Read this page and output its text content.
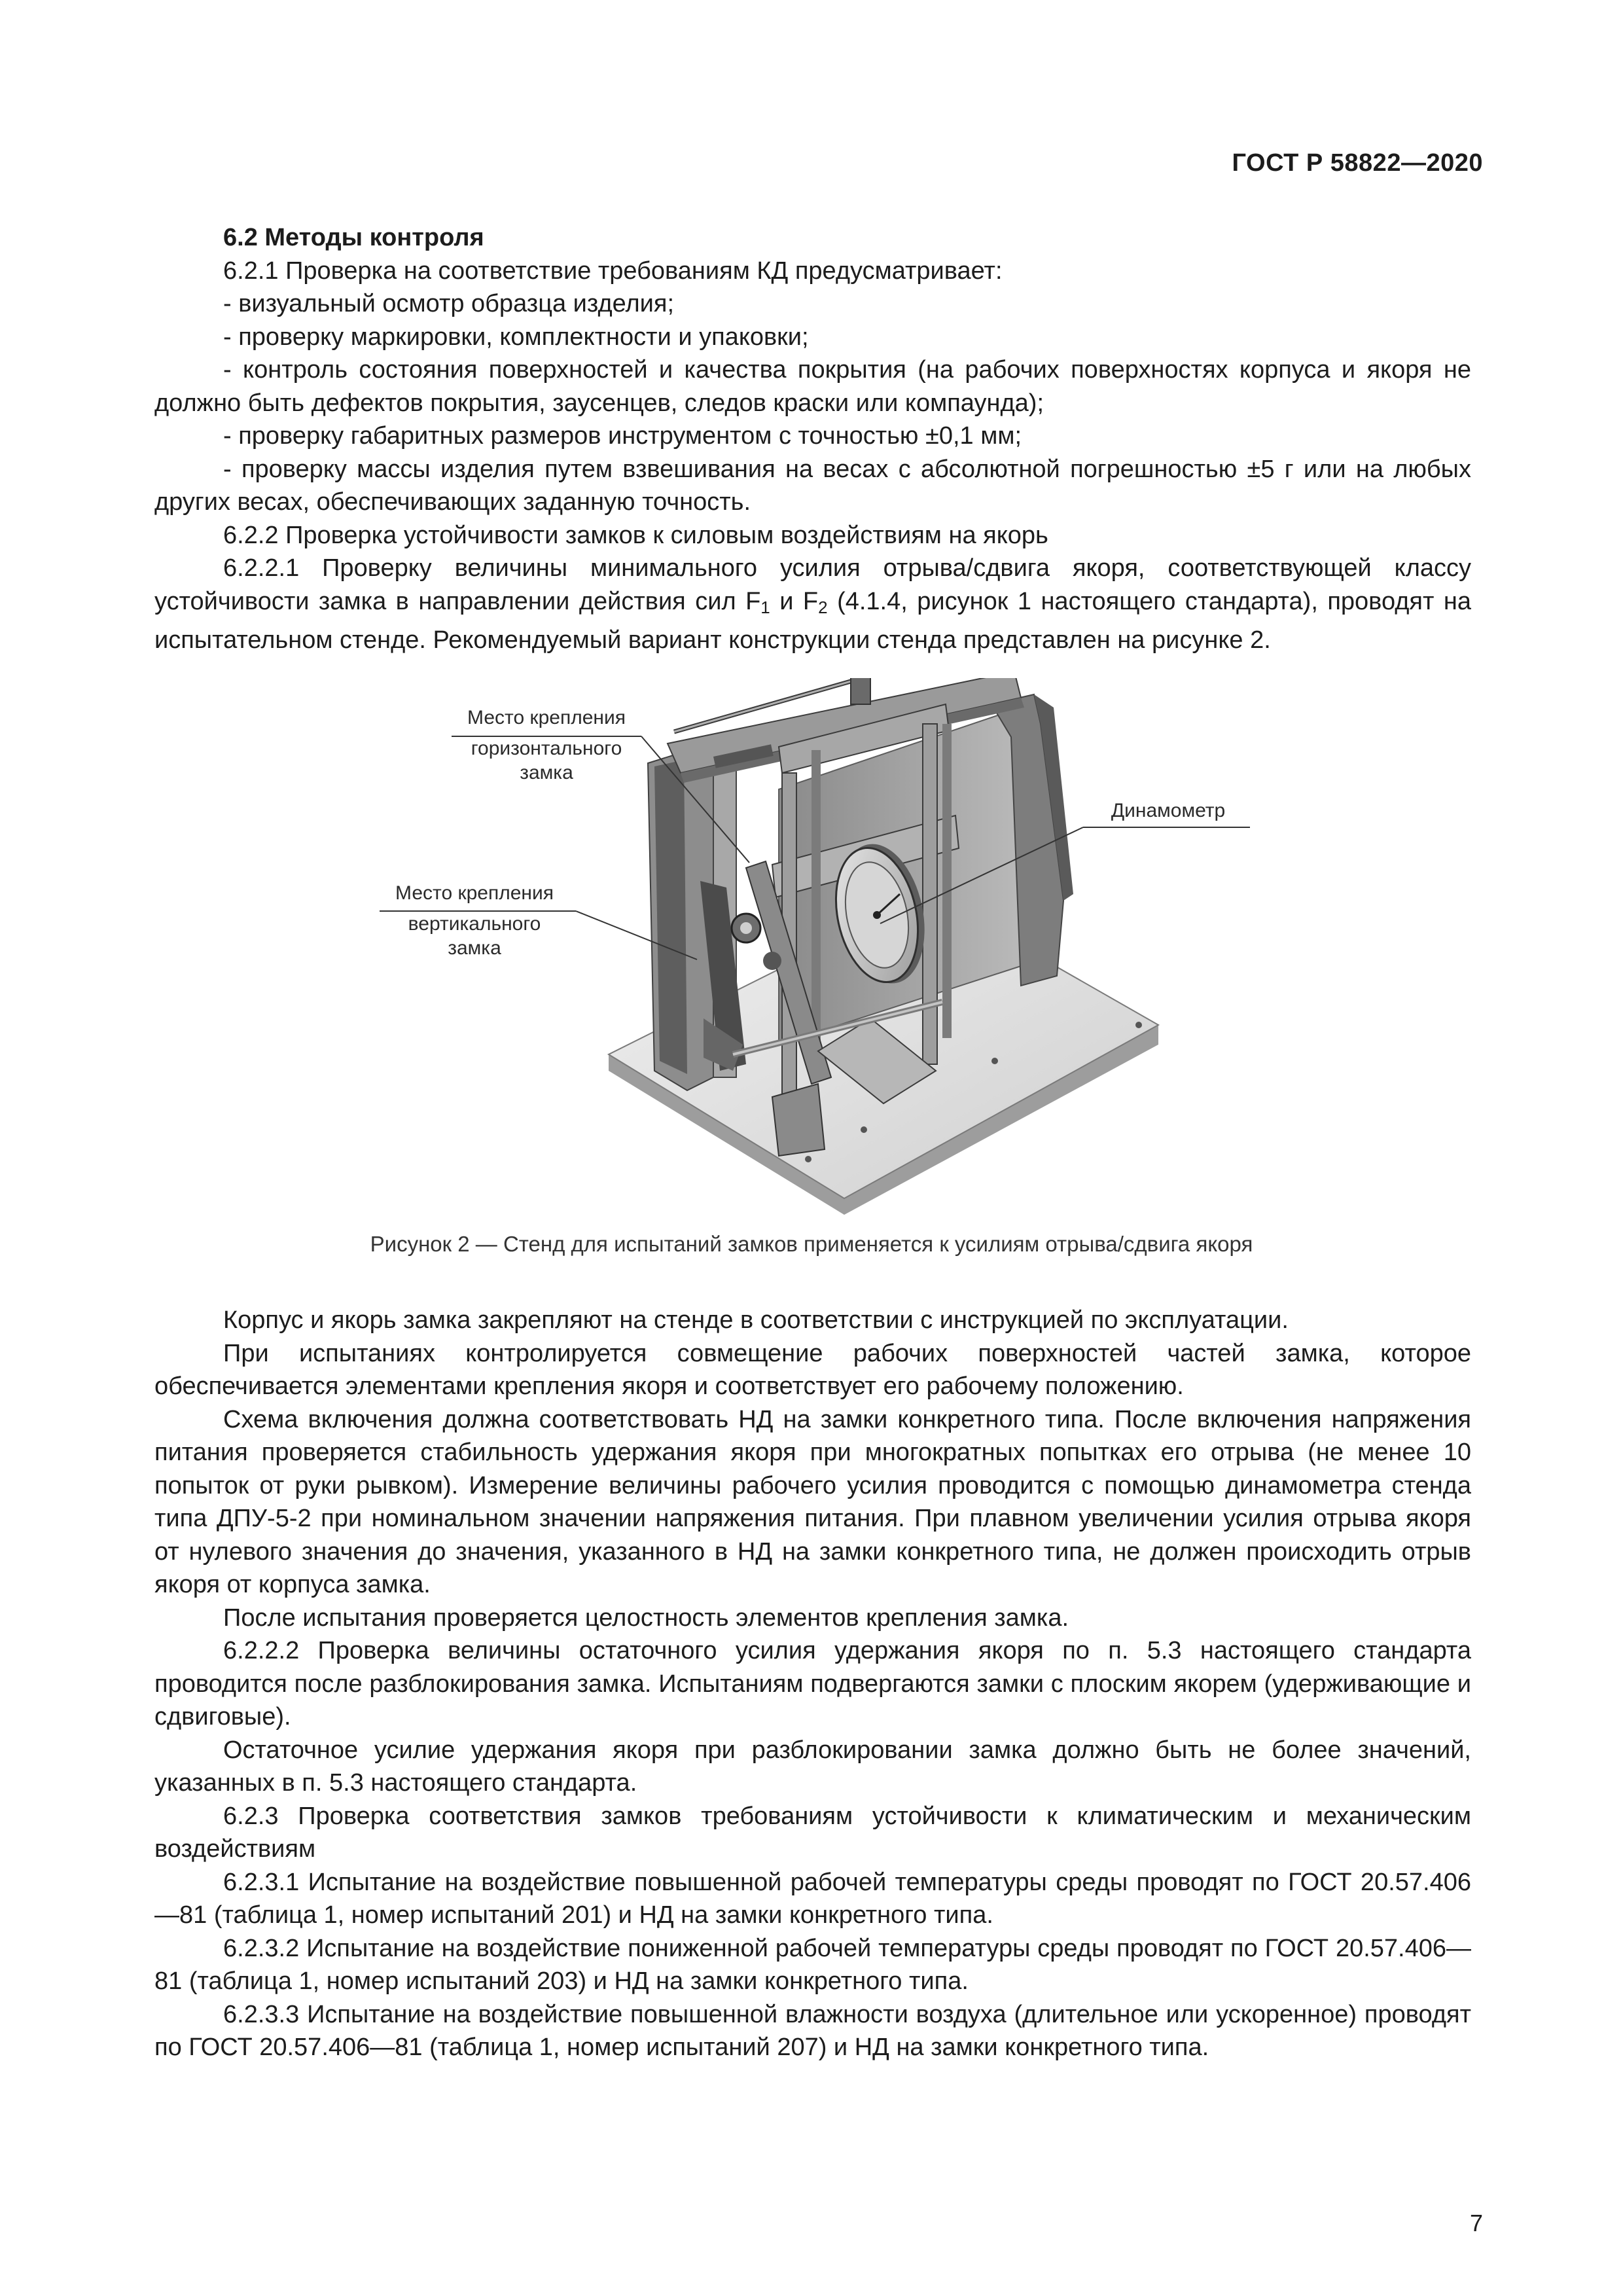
ГОСТ Р 58822—2020

6.2 Методы контроля

6.2.1 Проверка на соответствие требованиям КД предусматривает:

- визуальный осмотр образца изделия;

- проверку маркировки, комплектности и упаковки;

- контроль состояния поверхностей и качества покрытия (на рабочих поверхностях корпуса и якоря не должно быть дефектов покрытия, заусенцев, следов краски или компаунда);

- проверку габаритных размеров инструментом с точностью ±0,1 мм;

- проверку массы изделия путем взвешивания на весах с абсолютной погрешностью ±5 г или на любых других весах, обеспечивающих заданную точность.

6.2.2 Проверка устойчивости замков к силовым воздействиям на якорь

6.2.2.1 Проверку величины минимального усилия отрыва/сдвига якоря, соответствующей классу устойчивости замка в направлении действия сил $F_1$ и $F_2$ (4.1.4, рисунок 1 настоящего стандарта), проводят на испытательном стенде. Рекомендуемый вариант конструкции стенда представлен на рисунке 2.

Место крепления
горизонтального
замка
Место крепления
вертикального
замка
Динамометр
Рисунок 2 — Стенд для испытаний замков применяется к усилиям отрыва/сдвига якоря

Корпус и якорь замка закрепляют на стенде в соответствии с инструкцией по эксплуатации.

При испытаниях контролируется совмещение рабочих поверхностей частей замка, которое обеспечивается элементами крепления якоря и соответствует его рабочему положению.

Схема включения должна соответствовать НД на замки конкретного типа. После включения напряжения питания проверяется стабильность удержания якоря при многократных попытках его отрыва (не менее 10 попыток от руки рывком). Измерение величины рабочего усилия проводится с помощью динамометра стенда типа ДПУ-5-2 при номинальном значении напряжения питания. При плавном увеличении усилия отрыва якоря от нулевого значения до значения, указанного в НД на замки конкретного типа, не должен происходить отрыв якоря от корпуса замка.

После испытания проверяется целостность элементов крепления замка.

6.2.2.2 Проверка величины остаточного усилия удержания якоря по п. 5.3 настоящего стандарта проводится после разблокирования замка. Испытаниям подвергаются замки с плоским якорем (удерживающие и сдвиговые).

Остаточное усилие удержания якоря при разблокировании замка должно быть не более значений, указанных в п. 5.3 настоящего стандарта.

6.2.3 Проверка соответствия замков требованиям устойчивости к климатическим и механическим воздействиям

6.2.3.1 Испытание на воздействие повышенной рабочей температуры среды проводят по ГОСТ 20.57.406—81 (таблица 1, номер испытаний 201) и НД на замки конкретного типа.

6.2.3.2 Испытание на воздействие пониженной рабочей температуры среды проводят по ГОСТ 20.57.406—81 (таблица 1, номер испытаний 203) и НД на замки конкретного типа.

6.2.3.3 Испытание на воздействие повышенной влажности воздуха (длительное или ускоренное) проводят по ГОСТ 20.57.406—81 (таблица 1, номер испытаний 207) и НД на замки конкретного типа.

7
